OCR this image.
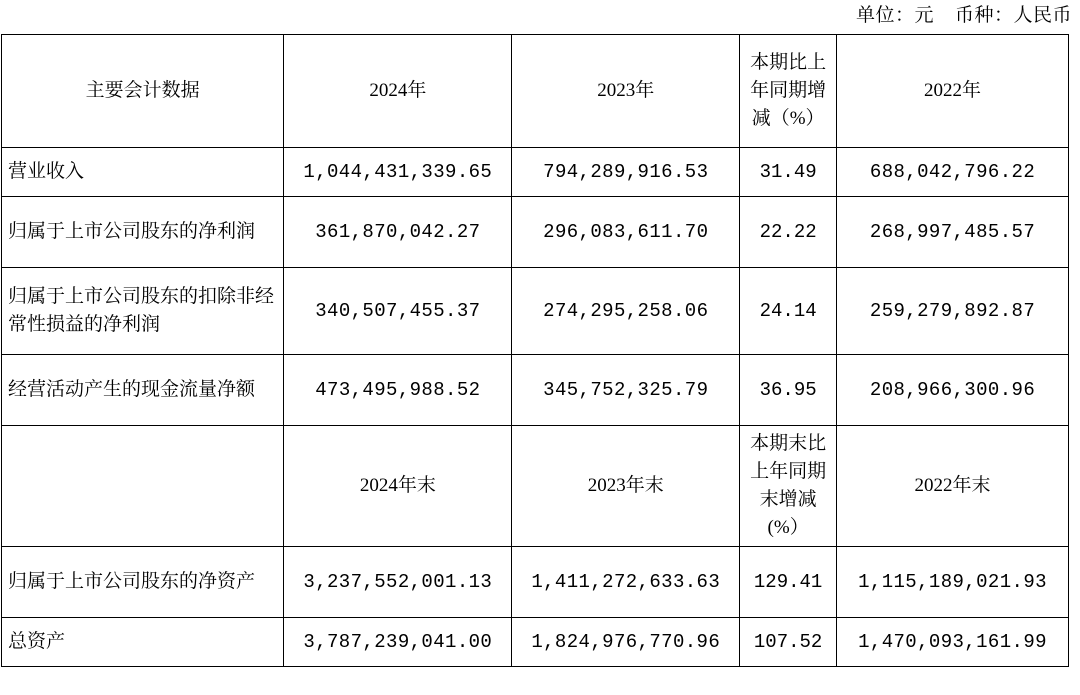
单位：元    币种：人民币
主要会计数据	2024年	2023年	本期比上年同期增减（%）	2022年
营业收入	1,044,431,339.65	794,289,916.53	31.49	688,042,796.22
归属于上市公司股东的净利润	361,870,042.27	296,083,611.70	22.22	268,997,485.57
归属于上市公司股东的扣除非经常性损益的净利润	340,507,455.37	274,295,258.06	24.14	259,279,892.87
经营活动产生的现金流量净额	473,495,988.52	345,752,325.79	36.95	208,966,300.96
	2024年末	2023年末	本期末比上年同期末增减(%）	2022年末
归属于上市公司股东的净资产	3,237,552,001.13	1,411,272,633.63	129.41	1,115,189,021.93
总资产	3,787,239,041.00	1,824,976,770.96	107.52	1,470,093,161.99
